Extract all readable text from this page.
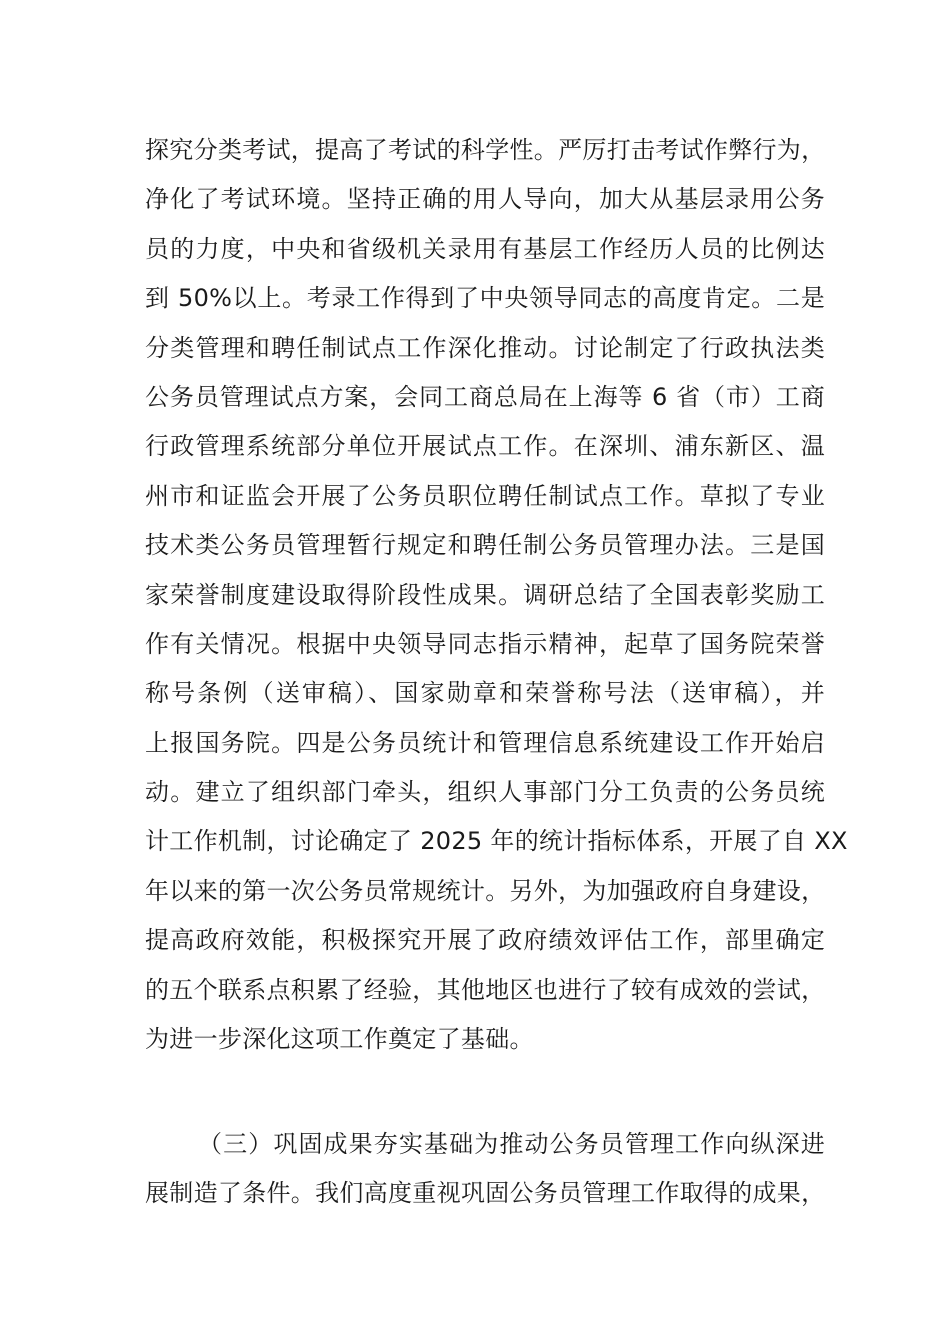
探究分类考试，提高了考试的科学性。严厉打击考试作弊行为，
净化了考试环境。坚持正确的用人导向，加大从基层录用公务
员的力度，中央和省级机关录用有基层工作经历人员的比例达
到 50%以上。考录工作得到了中央领导同志的高度肯定。二是
分类管理和聘任制试点工作深化推动。讨论制定了行政执法类
公务员管理试点方案，会同工商总局在上海等 6 省（市）工商
行政管理系统部分单位开展试点工作。在深圳、浦东新区、温
州市和证监会开展了公务员职位聘任制试点工作。草拟了专业
技术类公务员管理暂行规定和聘任制公务员管理办法。三是国
家荣誉制度建设取得阶段性成果。调研总结了全国表彰奖励工
作有关情况。根据中央领导同志指示精神，起草了国务院荣誉
称号条例（送审稿）、国家勋章和荣誉称号法（送审稿），并
上报国务院。四是公务员统计和管理信息系统建设工作开始启
动。建立了组织部门牵头，组织人事部门分工负责的公务员统
计工作机制，讨论确定了 2025 年的统计指标体系，开展了自 XX
年以来的第一次公务员常规统计。另外，为加强政府自身建设，
提高政府效能，积极探究开展了政府绩效评估工作，部里确定
的五个联系点积累了经验，其他地区也进行了较有成效的尝试，
为进一步深化这项工作奠定了基础。
（三）巩固成果夯实基础为推动公务员管理工作向纵深进
展制造了条件。我们高度重视巩固公务员管理工作取得的成果，
